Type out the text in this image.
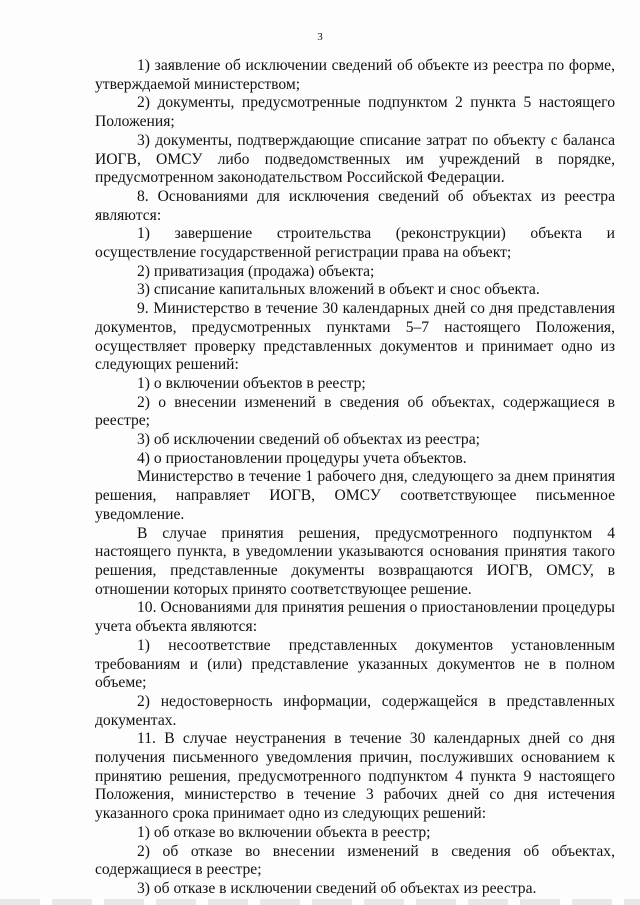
3

1) заявление об исключении сведений об объекте из реестра по форме, утверждаемой министерством;

2) документы, предусмотренные подпунктом 2 пункта 5 настоящего Положения;

3) документы, подтверждающие списание затрат по объекту с баланса ИОГВ, ОМСУ либо подведомственных им учреждений в порядке, предусмотренном законодательством Российской Федерации.

8. Основаниями для исключения сведений об объектах из реестра являются:

1) завершение строительства (реконструкции) объекта и осуществление государственной регистрации права на объект;

2) приватизация (продажа) объекта;

3) списание капитальных вложений в объект и снос объекта.

9. Министерство в течение 30 календарных дней со дня представления документов, предусмотренных пунктами 5–7 настоящего Положения, осуществляет проверку представленных документов и принимает одно из следующих решений:

1) о включении объектов в реестр;

2) о внесении изменений в сведения об объектах, содержащиеся в реестре;

3) об исключении сведений об объектах из реестра;

4) о приостановлении процедуры учета объектов.

Министерство в течение 1 рабочего дня, следующего за днем принятия решения, направляет ИОГВ, ОМСУ соответствующее письменное уведомление.

В случае принятия решения, предусмотренного подпунктом 4 настоящего пункта, в уведомлении указываются основания принятия такого решения, представленные документы возвращаются ИОГВ, ОМСУ, в отношении которых принято соответствующее решение.

10. Основаниями для принятия решения о приостановлении процедуры учета объекта являются:

1) несоответствие представленных документов установленным требованиям и (или) представление указанных документов не в полном объеме;

2) недостоверность информации, содержащейся в представленных документах.

11. В случае неустранения в течение 30 календарных дней со дня получения письменного уведомления причин, послуживших основанием к принятию решения, предусмотренного подпунктом 4 пункта 9 настоящего Положения, министерство в течение 3 рабочих дней со дня истечения указанного срока принимает одно из следующих решений:

1) об отказе во включении объекта в реестр;

2) об отказе во внесении изменений в сведения об объектах, содержащиеся в реестре;

3) об отказе в исключении сведений об объектах из реестра.
